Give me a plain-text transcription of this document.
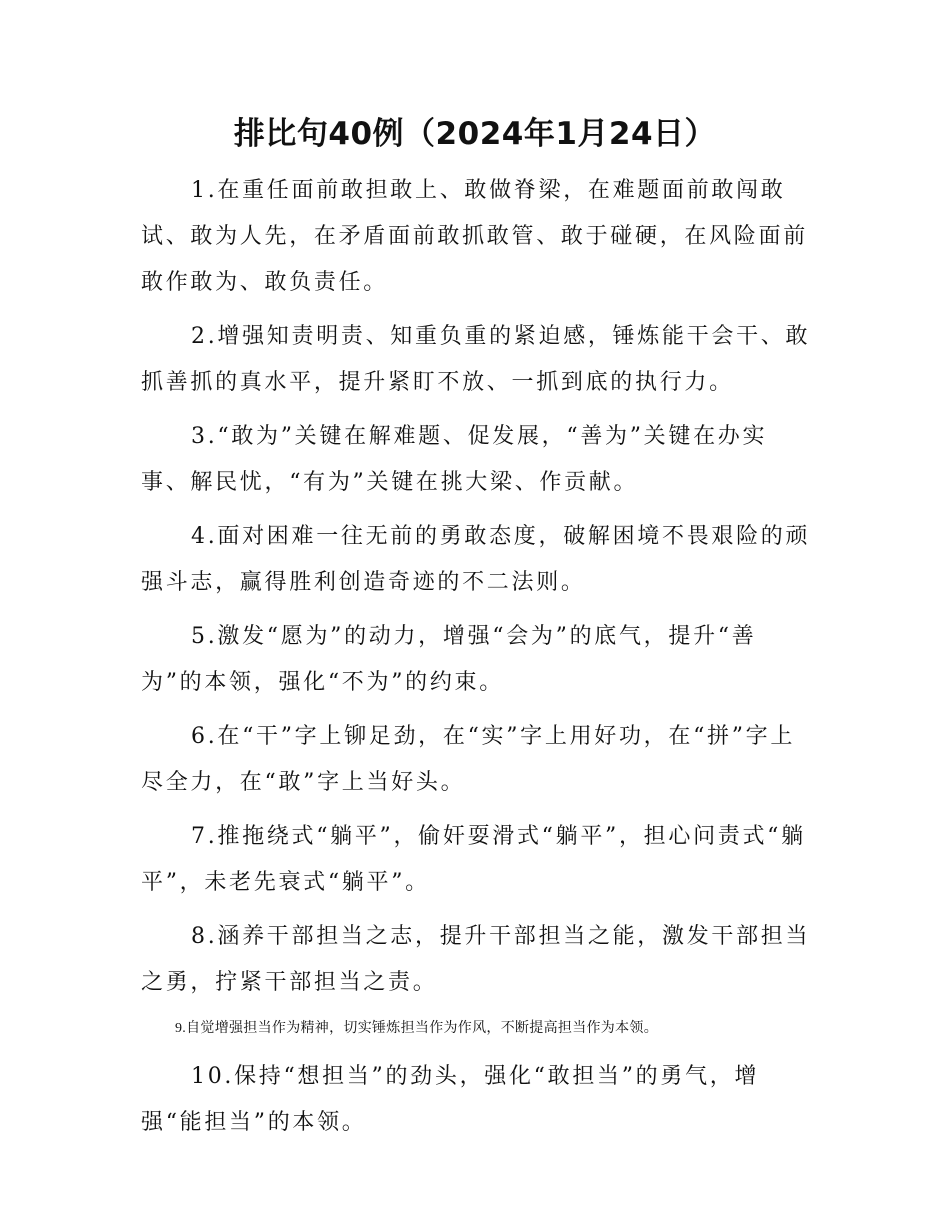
排比句40例（2024年1月24日）

1.在重任面前敢担敢上、敢做脊梁，在难题面前敢闯敢试、敢为人先，在矛盾面前敢抓敢管、敢于碰硬，在风险面前敢作敢为、敢负责任。

2.增强知责明责、知重负重的紧迫感，锤炼能干会干、敢抓善抓的真水平，提升紧盯不放、一抓到底的执行力。

3.“敢为”关键在解难题、促发展，“善为”关键在办实事、解民忧，“有为”关键在挑大梁、作贡献。

4.面对困难一往无前的勇敢态度，破解困境不畏艰险的顽强斗志，赢得胜利创造奇迹的不二法则。

5.激发“愿为”的动力，增强“会为”的底气，提升“善为”的本领，强化“不为”的约束。

6.在“干”字上铆足劲，在“实”字上用好功，在“拼”字上尽全力，在“敢”字上当好头。

7.推拖绕式“躺平”，偷奸耍滑式“躺平”，担心问责式“躺平”，未老先衰式“躺平”。

8.涵养干部担当之志，提升干部担当之能，激发干部担当之勇，拧紧干部担当之责。

9.自觉增强担当作为精神，切实锤炼担当作为作风，不断提高担当作为本领。

10.保持“想担当”的劲头，强化“敢担当”的勇气，增强“能担当”的本领。
